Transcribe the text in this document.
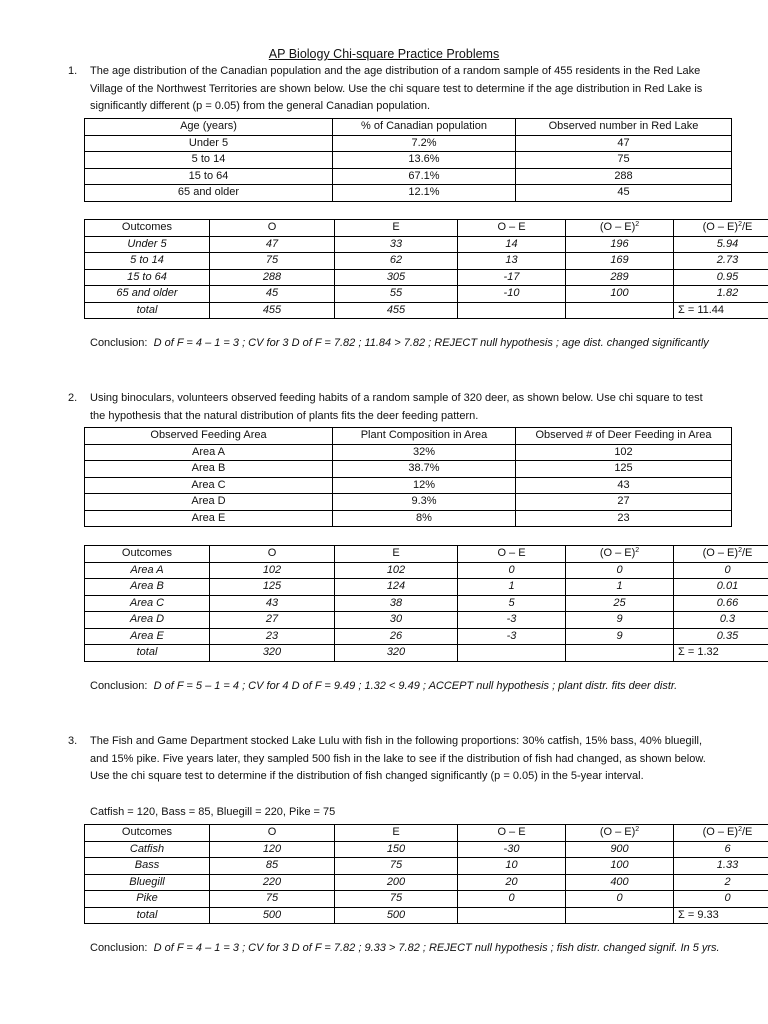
AP Biology Chi-square Practice Problems
1. The age distribution of the Canadian population and the age distribution of a random sample of 455 residents in the Red Lake Village of the Northwest Territories are shown below. Use the chi square test to determine if the age distribution in Red Lake is significantly different (p = 0.05) from the general Canadian population.
Age (years)	% of Canadian population	Observed number in Red Lake
Under 5	7.2%	47
5 to 14	13.6%	75
15 to 64	67.1%	288
65 and older	12.1%	45
Outcomes	O	E	O – E	(O – E)$^2$	(O – E)$^2$/E
Under 5	47	33	14	196	5.94
5 to 14	75	62	13	169	2.73
15 to 64	288	305	-17	289	0.95
65 and older	45	55	-10	100	1.82
total	455	455			Σ = 11.44
Conclusion: D of F = 4 – 1 = 3 ; CV for 3 D of F = 7.82 ; 11.84 > 7.82 ; REJECT null hypothesis ; age dist. changed significantly
2. Using binoculars, volunteers observed feeding habits of a random sample of 320 deer, as shown below. Use chi square to test the hypothesis that the natural distribution of plants fits the deer feeding pattern.
Observed Feeding Area	Plant Composition in Area	Observed # of Deer Feeding in Area
Area A	32%	102
Area B	38.7%	125
Area C	12%	43
Area D	9.3%	27
Area E	8%	23
Outcomes	O	E	O – E	(O – E)$^2$	(O – E)$^2$/E
Area A	102	102	0	0	0
Area B	125	124	1	1	0.01
Area C	43	38	5	25	0.66
Area D	27	30	-3	9	0.3
Area E	23	26	-3	9	0.35
total	320	320			Σ = 1.32
Conclusion: D of F = 5 – 1 = 4 ; CV for 4 D of F = 9.49 ; 1.32 < 9.49 ; ACCEPT null hypothesis ; plant distr. fits deer distr.
3. The Fish and Game Department stocked Lake Lulu with fish in the following proportions: 30% catfish, 15% bass, 40% bluegill, and 15% pike. Five years later, they sampled 500 fish in the lake to see if the distribution of fish had changed, as shown below. Use the chi square test to determine if the distribution of fish changed significantly (p = 0.05) in the 5-year interval.
Catfish = 120, Bass = 85, Bluegill = 220, Pike = 75
Outcomes	O	E	O – E	(O – E)$^2$	(O – E)$^2$/E
Catfish	120	150	-30	900	6
Bass	85	75	10	100	1.33
Bluegill	220	200	20	400	2
Pike	75	75	0	0	0
total	500	500			Σ = 9.33
Conclusion: D of F = 4 – 1 = 3 ; CV for 3 D of F = 7.82 ; 9.33 > 7.82 ; REJECT null hypothesis ; fish distr. changed signif. In 5 yrs.
